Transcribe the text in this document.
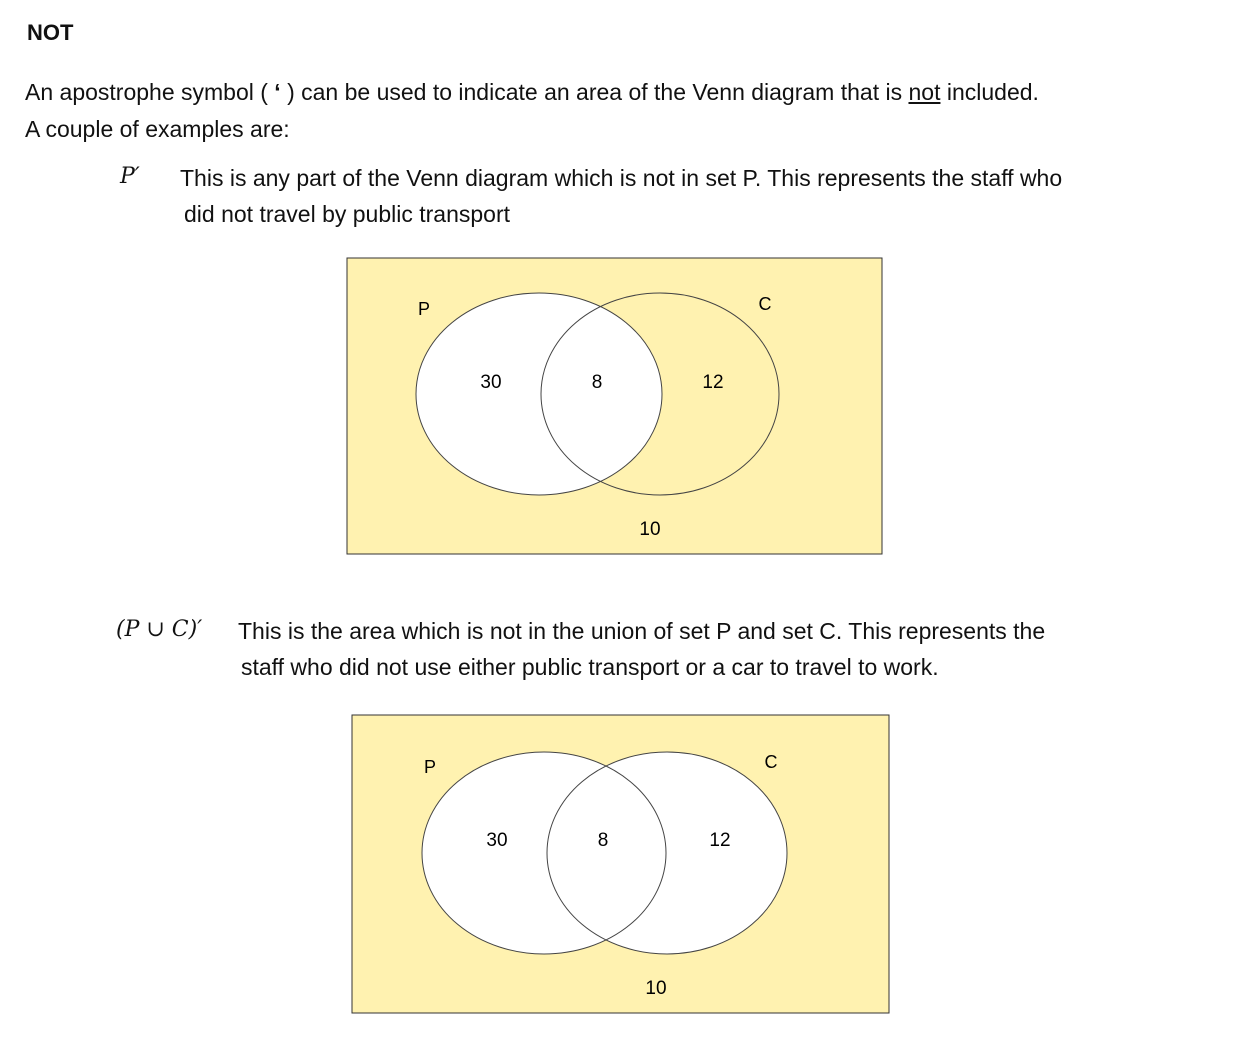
NOT
An apostrophe symbol ( ‘ ) can be used to indicate an area of the Venn diagram that is not included.
A couple of examples are:
P′ This is any part of the Venn diagram which is not in set P. This represents the staff who
did not travel by public transport
P	C
30	8	12
10
(P ∪ C)′ This is the area which is not in the union of set P and set C. This represents the
staff who did not use either public transport or a car to travel to work.
P	C
30	8	12
10
